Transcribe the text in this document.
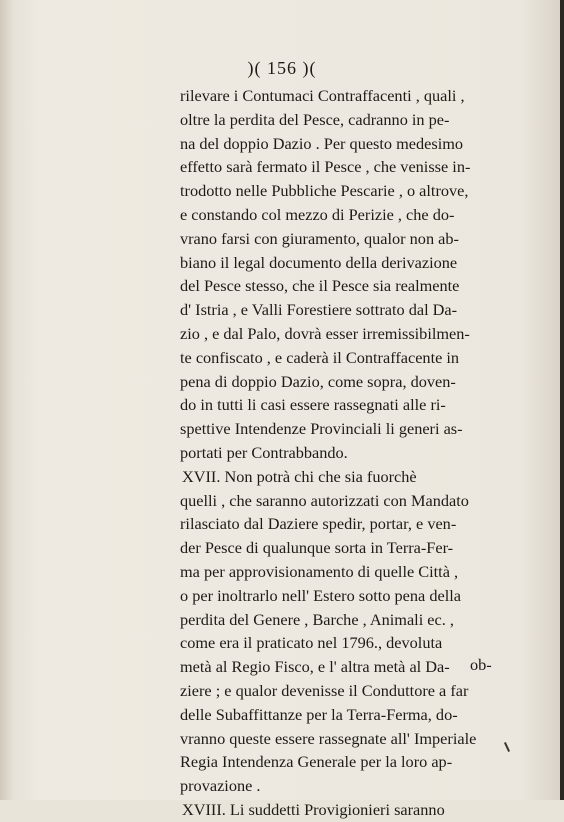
)( 156 )(
rilevare i Contumaci Contraffacenti , quali ,
oltre la perdita del Pesce, cadranno in pe-
na del doppio Dazio . Per questo medesimo
effetto sarà fermato il Pesce , che venisse in-
trodotto nelle Pubbliche Pescarie , o altrove,
e constando col mezzo di Perizie , che do-
vrano farsi con giuramento, qualor non ab-
biano il legal documento della derivazione
del Pesce stesso, che il Pesce sia realmente
d' Istria , e Valli Forestiere sottrato dal Da-
zio , e dal Palo, dovrà esser irremissibilmen-
te confiscato , e caderà il Contraffacente in
pena di doppio Dazio, come sopra, doven-
do in tutti li casi essere rassegnati alle ri-
spettive Intendenze Provinciali li generi as-
portati per Contrabbando.
XVII. Non potrà chi che sia fuorchè
quelli , che saranno autorizzati con Mandato
rilasciato dal Daziere spedir, portar, e ven-
der Pesce di qualunque sorta in Terra-Fer-
ma per approvisionamento di quelle Città ,
o per inoltrarlo nell' Estero sotto pena della
perdita del Genere , Barche , Animali ec. ,
come era il praticato nel 1796., devoluta
metà al Regio Fisco, e l' altra metà al Da-
ziere ; e qualor devenisse il Conduttore a far
delle Subaffittanze per la Terra-Ferma, do-
vranno queste essere rassegnate all' Imperiale
Regia Intendenza Generale per la loro ap-
provazione .
XVIII. Li suddetti Provigionieri saranno
ob-
